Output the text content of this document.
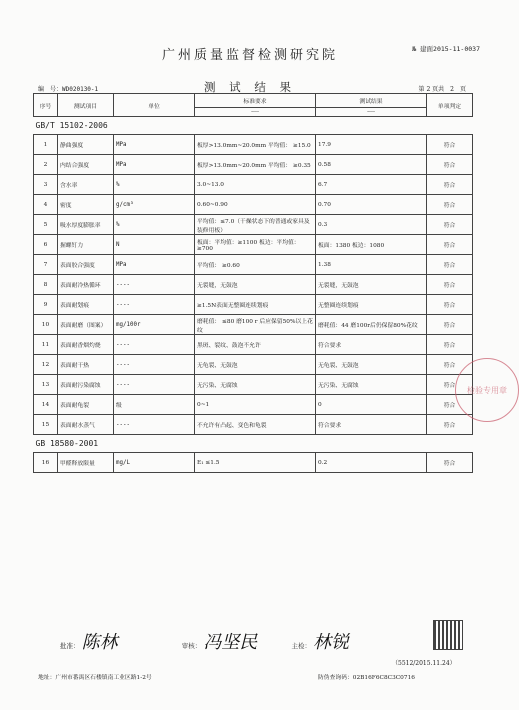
广州质量监督检测研究院	№ 建面2015-11-0037
测 试 结 果
编　号：WD020130-1	第 2 页共　2　页
序号	测试项目	单位	标准要求	测试结果	单项判定
			----	----	
GB/T 15102-2006					
1	静曲强度	MPa	板厚>13.0mm~20.0mm 平均值： ≥15.0	17.9	符合
2	内结合强度	MPa	板厚>13.0mm~20.0mm 平均值： ≥0.35	0.58	符合
3	含水率	%	3.0~13.0	6.7	符合
4	密度	g/cm³	0.60~0.90	0.70	符合
5	吸水厚度膨胀率	%	平均值：≤7.0（干燥状态下的普通或家具及装修用板）	0.3	符合
6	握螺钉力	N	板面：平均值：≥1100 板边：平均值：≥700	板面：1380 板边：1080	符合
7	表面胶合强度	MPa	平均值： ≥0.60	1.38	符合
8	表面耐冷热循环	----	无裂缝，无鼓泡	无裂缝，无鼓泡	符合
9	表面耐划痕	----	≥1.5N表面无整圈连续划痕	无整圈连续划痕	符合
10	表面耐磨（图案）	mg/100r	磨耗值： ≤80 磨100 r 后应保留50%以上花纹	磨耗值：44 磨100r后仍保留80%花纹	符合
11	表面耐香烟灼烧	----	黑斑、裂纹、鼓泡不允许	符合要求	符合
12	表面耐干热	----	无龟裂、无鼓泡	无龟裂、无鼓泡	符合
13	表面耐污染腐蚀	----	无污染、无腐蚀	无污染、无腐蚀	符合
14	表面耐龟裂	级	0~1	0	符合
15	表面耐水蒸气	----	不允许有凸起、变色和龟裂	符合要求	符合
GB 18580-2001					
16	甲醛释放限量	mg/L	E₁ ≤1.5	0.2	符合
检验专用章
批准： 陈林	审核： 冯坚民	主检： 林锐
（5512/2015.11.24）
地址：广州市番禺区石楼镇南工业区路1-2号	防伪查询码：02B16F6C8C3C0716
